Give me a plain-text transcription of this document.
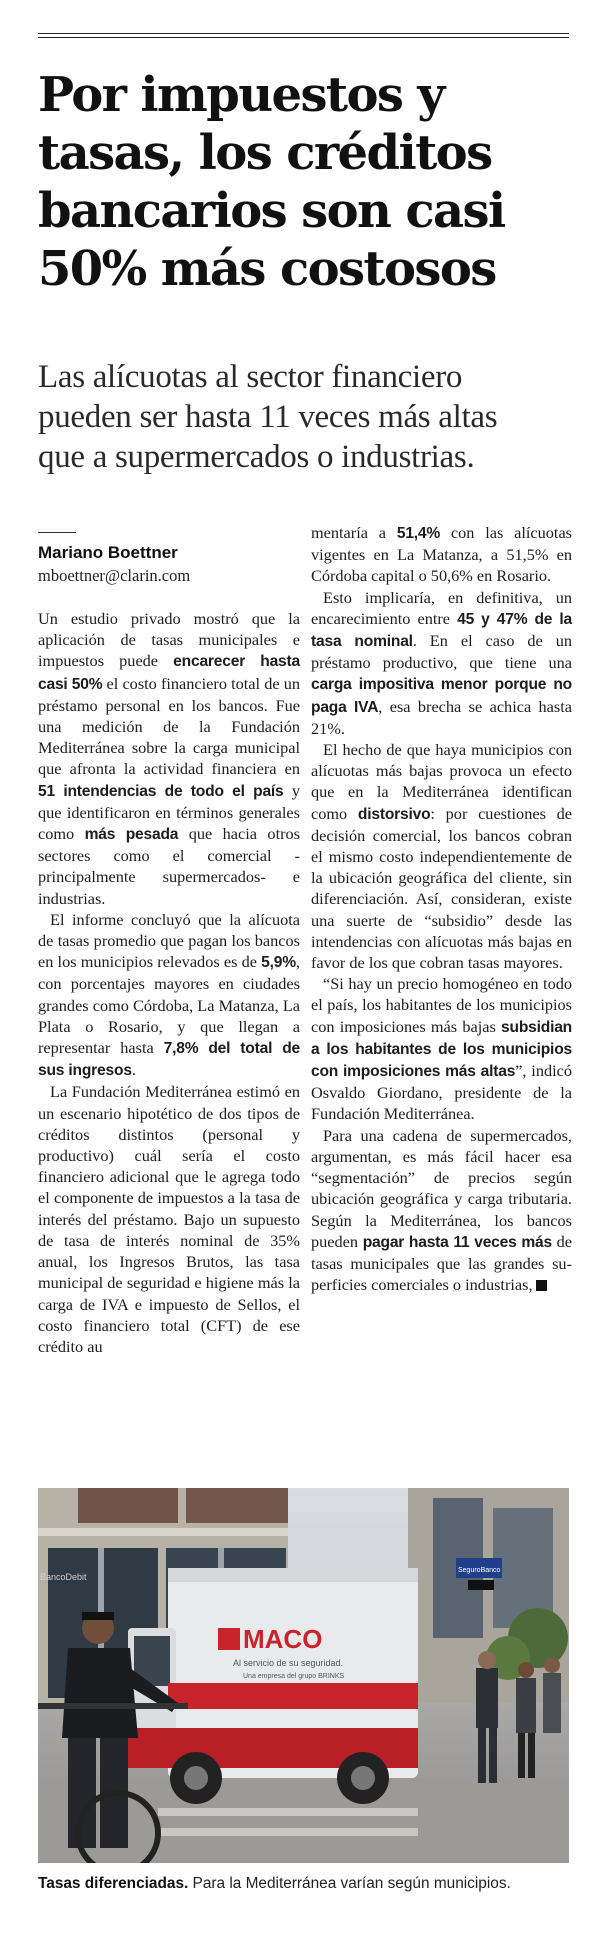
Por impuestos y
tasas, los créditos
bancarios son casi
50% más costosos

Las alícuotas al sector financiero
pueden ser hasta 11 veces más altas
que a supermercados o industrias.

Mariano Boettner
mboettner@clarin.com

Un estudio privado mostró que la aplicación de tasas municipales e impuestos puede encarecer hasta casi 50% el costo financiero total de un préstamo personal en los bancos. Fue una medición de la Fundación Mediterránea sobre la carga municipal que afronta la actividad financiera en 51 intendencias de todo el país y que identificaron en términos generales como más pesada que hacia otros sectores como el comercial -principalmente supermercados- e industrias.

El informe concluyó que la alícuota de tasas promedio que pagan los bancos en los municipios relevados es de 5,9%, con porcentajes mayores en ciudades grandes como Córdoba, La Matanza, La Plata o Rosario, y que llegan a representar hasta 7,8% del total de sus ingresos.

La Fundación Mediterránea estimó en un escenario hipotético de dos tipos de créditos distintos (personal y productivo) cuál sería el costo financiero adicional que le agrega todo el componente de impuestos a la tasa de interés del préstamo. Bajo un supuesto de tasa de interés nominal de 35% anual, los Ingresos Brutos, las tasa municipal de seguridad e higiene más la carga de IVA e impuesto de Sellos, el costo financiero total (CFT) de ese crédito au

mentaría a 51,4% con las alícuotas vigentes en La Matanza, a 51,5% en Córdoba capital o 50,6% en Rosario.

Esto implicaría, en definitiva, un encarecimiento entre 45 y 47% de la tasa nominal. En el caso de un préstamo productivo, que tiene una carga impositiva menor porque no paga IVA, esa brecha se achica hasta 21%.

El hecho de que haya municipios con alícuotas más bajas provoca un efecto que en la Mediterránea identifican como distorsivo: por cuestiones de decisión comercial, los bancos cobran el mismo costo independientemente de la ubicación geográfica del cliente, sin diferenciación. Así, consideran, existe una suerte de “subsidio” desde las intendencias con alícuotas más bajas en favor de los que cobran tasas mayores.

“Si hay un precio homogéneo en todo el país, los habitantes de los municipios con imposiciones más bajas subsidian a los habitantes de los municipios con imposiciones más altas”, indicó Osvaldo Giordano, presidente de la Fundación Mediterránea.

Para una cadena de supermercados, argumentan, es más fácil hacer esa “segmentación” de precios según ubicación geográfica y carga tributaria. Según la Mediterránea, los bancos pueden pagar hasta 11 veces más de tasas municipales que las grandes superficies comerciales o industrias,

BancoDebit
SeguroBanco
MACO
Al servicio de su seguridad.
Una empresa del grupo BRINKS
Tasas diferenciadas. Para la Mediterránea varían según municipios.
